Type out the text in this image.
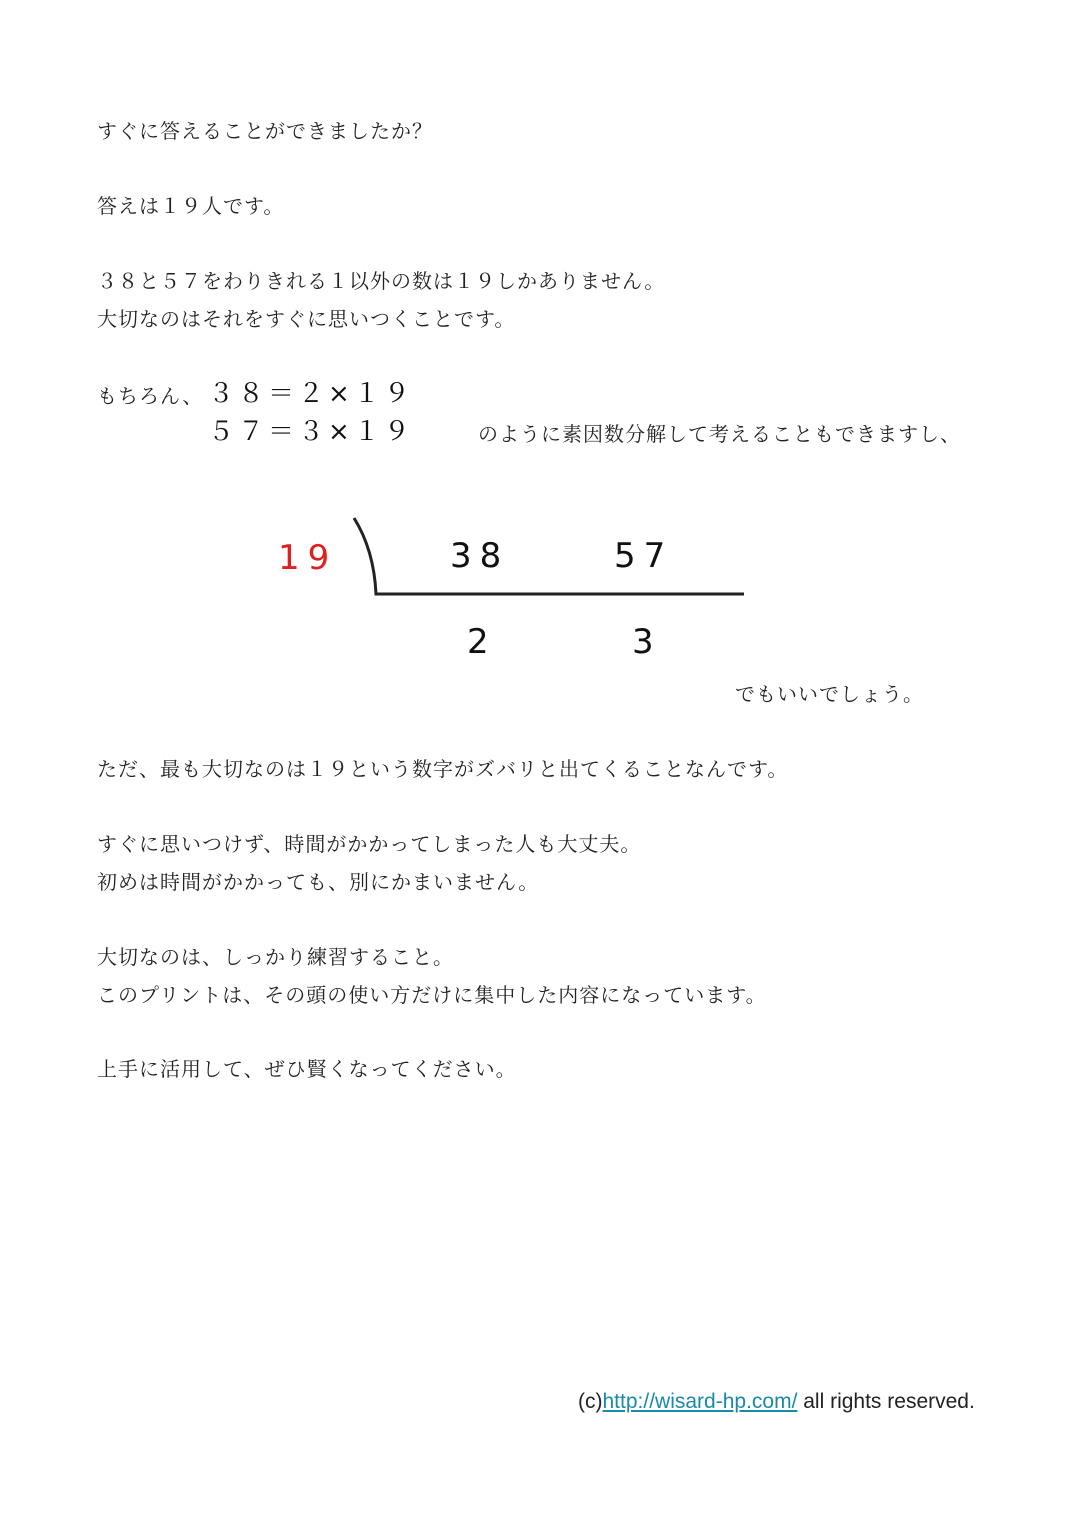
すぐに答えることができましたか？
答えは１９人です。
３８と５７をわりきれる１以外の数は１９しかありません。
大切なのはそれをすぐに思いつくことです。
もちろん、 ３８＝２×１９
５７＝３×１９	のように素因数分解して考えることもできますし、
19	38	57
2	3
でもいいでしょう。
ただ、最も大切なのは１９という数字がズバリと出てくることなんです。
すぐに思いつけず、時間がかかってしまった人も大丈夫。
初めは時間がかかっても、別にかまいません。
大切なのは、しっかり練習すること。
このプリントは、その頭の使い方だけに集中した内容になっています。
上手に活用して、ぜひ賢くなってください。
(c)http://wisard-hp.com/ all rights reserved.
